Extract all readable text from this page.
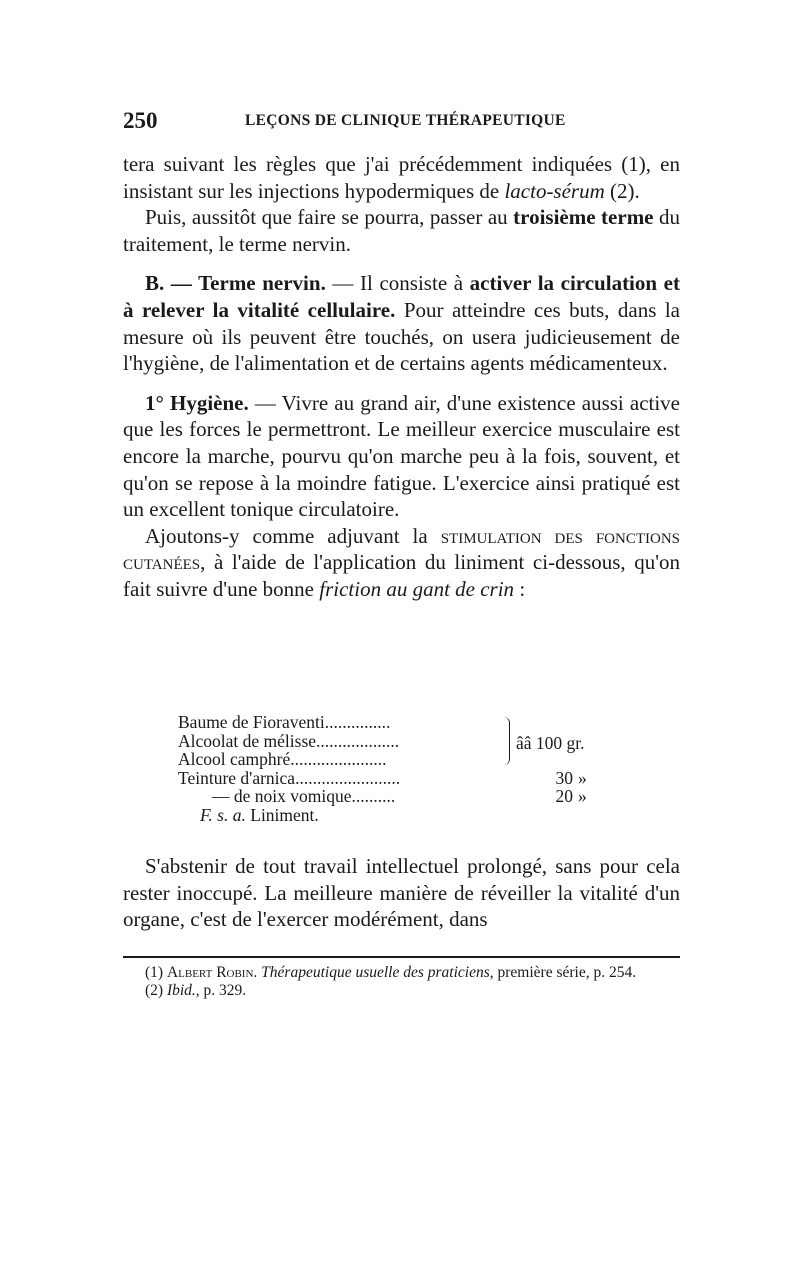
250	LEÇONS DE CLINIQUE THÉRAPEUTIQUE

tera suivant les règles que j'ai précédemment indiquées (1), en insistant sur les injections hypodermiques de lacto-sérum (2).

Puis, aussitôt que faire se pourra, passer au troisième terme du traitement, le terme nervin.

B. — Terme nervin. — Il consiste à activer la circulation et à relever la vitalité cellulaire. Pour atteindre ces buts, dans la mesure où ils peuvent être touchés, on usera judicieusement de l'hygiène, de l'alimentation et de certains agents médicamenteux.

1° Hygiène. — Vivre au grand air, d'une existence aussi active que les forces le permettront. Le meilleur exercice musculaire est encore la marche, pourvu qu'on marche peu à la fois, souvent, et qu'on se repose à la moindre fatigue. L'exercice ainsi pratiqué est un excellent tonique circulatoire.

Ajoutons-y comme adjuvant la stimulation des fonctions cutanées, à l'aide de l'application du liniment ci-dessous, qu'on fait suivre d'une bonne friction au gant de crin :

Baume de Fioraventi...............
Alcoolat de mélisse...................
Alcool camphré......................
ââ 100 gr.
Teinture d'arnica........................	30 »
— de noix vomique..........	20 »
F. s. a. Liniment.

S'abstenir de tout travail intellectuel prolongé, sans pour cela rester inoccupé. La meilleure manière de réveiller la vitalité d'un organe, c'est de l'exercer modérément, dans

(1) Albert Robin. Thérapeutique usuelle des praticiens, première série, p. 254.

(2) Ibid., p. 329.
